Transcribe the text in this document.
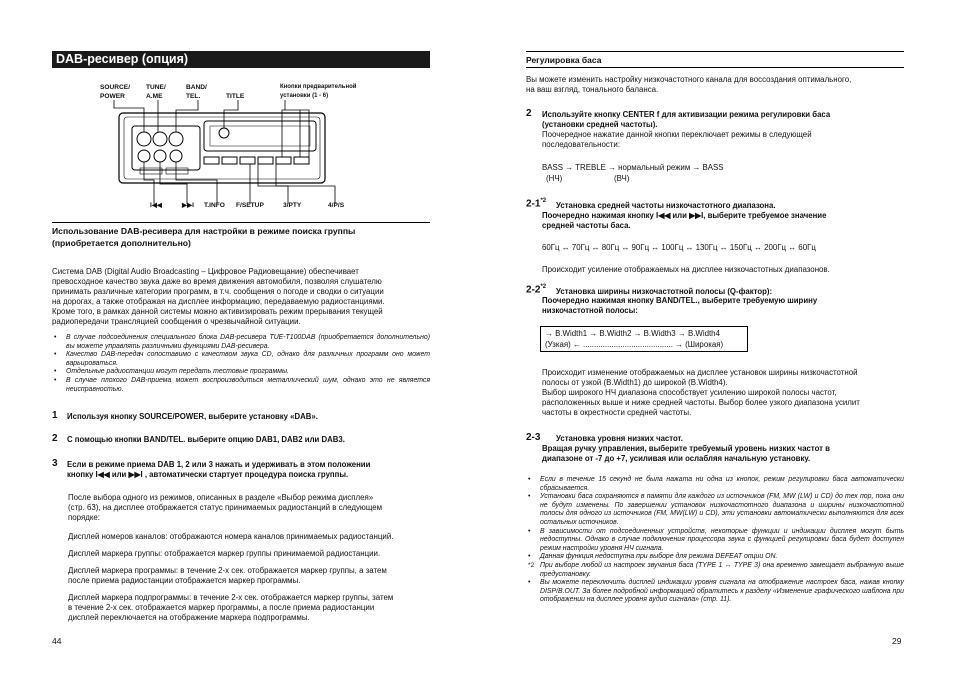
DAB-ресивер (опция)
SOURCE/
POWER
TUNE/
A.ME
BAND/
TEL.	TITLE
Кнопки предварительной
установки (1 - 6)
I◀◀	▶▶I T.INFO F/SETUP	3/PTY	4/P/S
Использование DAB-ресивера для настройки в режиме поиска группы
(приобретается дополнительно)
Система DAB (Digital Audio Broadcasting – Цифровое Радиовещание) обеспечивает
превосходное качество звука даже во время движения автомобиля, позволяя слушателю
принимать различные категории программ, в т.ч. сообщения о погоде и сводки о ситуации
на дорогах, а также отображая на дисплее информацию, передаваемую радиостанциями.
Кроме того, в рамках данной системы можно активизировать режим прерывания текущей
радиопередачи трансляцией сообщения о чрезвычайной ситуации.
• В случае подсоединения специального блока DAB-ресивера TUE-T100DAB (приобретается дополнительно) вы можете управлять различными функциями DAB-ресивера.
• Качество DAB-передач сопоставимо с качеством звука CD, однако для различных программ оно может варьироваться.
• Отдельные радиостанции могут передать тестовые программы.
• В случае плохого DAB-приема может воспроизводиться металлический шум, однако это не является неисправностью.
1 Используя кнопку SOURCE/POWER, выберите установку «DAB».
2 С помощью кнопки BAND/TEL. выберите опцию DAB1, DAB2 или DAB3.
3 Если в режиме приема DAB 1, 2 или 3 нажать и удерживать в этом положении
кнопку I◀◀ или ▶▶I , автоматически стартует процедура поиска группы.
После выбора одного из режимов, описанных в разделе «Выбор режима дисплея»
(стр. 63), на дисплее отображается статус принимаемых радиостанций в следующем
порядке:
Дисплей номеров каналов: отображаются номера каналов принимаемых радиостанций.
Дисплей маркера группы: отображается маркер группы принимаемой радиостанции.
Дисплей маркера программы: в течение 2-х сек. отображается маркер группы, а затем
после приема радиостанции отображается маркер программы.
Дисплей маркера подпрограммы: в течение 2-х сек. отображается маркер группы, затем
в течение 2-х сек. отображается маркер программы, а после приема радиостанции
дисплей переключается на отображение маркера подпрограммы.
44
Регулировка баса
Вы можете изменить настройку низкочастотного канала для воссоздания оптимального,
на ваш взгляд, тонального баланса.
2 Используйте кнопку CENTER f для активизации режима регулировки баса
(установки средней частоты).
Поочередное нажатие данной кнопки переключает режимы в следующей
последовательности:
BASS → TREBLE → нормальный режим → BASS
(НЧ)	(ВЧ)
2-1$^{*2}$ Установка средней частоты низкочастотного диапазона.
Поочередно нажимая кнопку I◀◀ или ▶▶I, выберите требуемое значение
средней частоты баса.
60Гц ↔ 70Гц ↔ 80Гц ↔ 90Гц ↔ 100Гц ↔ 130Гц ↔ 150Гц ↔ 200Гц ↔ 60Гц
Происходит усиление отображаемых на дисплее низкочастотных диапазонов.
2-2$^{*2}$ Установка ширины низкочастотной полосы (Q-фактор):
Поочередно нажимая кнопку BAND/TEL., выберите требуемую ширину
низкочастотной полосы:
→ B.Width1 → B.Width2 → B.Width3 → B.Width4
(Узкая) ← ......................................... → (Широкая)
Происходит изменение отображаемых на дисплее установок ширины низкочастотной
полосы от узкой (B.Width1) до широкой (B.Width4).
Выбор широкого НЧ диапазона способствует усилению широкой полосы частот,
расположенных выше и ниже средней частоты. Выбор более узкого диапазона усилит
частоты в окрестности средней частоты.
2-3 Установка уровня низких частот.
Вращая ручку управления, выберите требуемый уровень низких частот в
диапазоне от -7 до +7, усиливая или ослабляя начальную установку.
• Если в течение 15 секунд не была нажата ни одна из кнопок, режим регулировки баса автоматически сбрасывается.
• Установки баса сохраняются в памяти для каждого из источников (FM, MW (LW) и CD) до тех пор, пока они не будут изменены. По завершении установок низкочастотного диапазона и ширины низкочастотной полосы для одного из источников (FM, MW(LW) и CD), эти установки автоматически выполняются для всех остальных источников.
• В зависимости от подсоединенных устройств, некоторые функции и индикации дисплея могут быть недоступны. Однако в случае подключения процессора звука с функцией регулировки баса будет доступен режим настройки уровня НЧ сигнала.
• Данная функция недоступна при выборе для режима DEFEAT опции ON.
*2 При выборе любой из настроек звучания баса (TYPE 1 ↔ TYPE 3) она временно замещает выбранную выше предустановку.
• Вы можете переключить дисплей индикации уровня сигнала на отображение настроек баса, нажав кнопку DISP/B.OUT. За более подробной информацией обратитесь к разделу «Изменение графического шаблона при отображении на дисплее уровня аудио сигнала» (стр. 11).
29
